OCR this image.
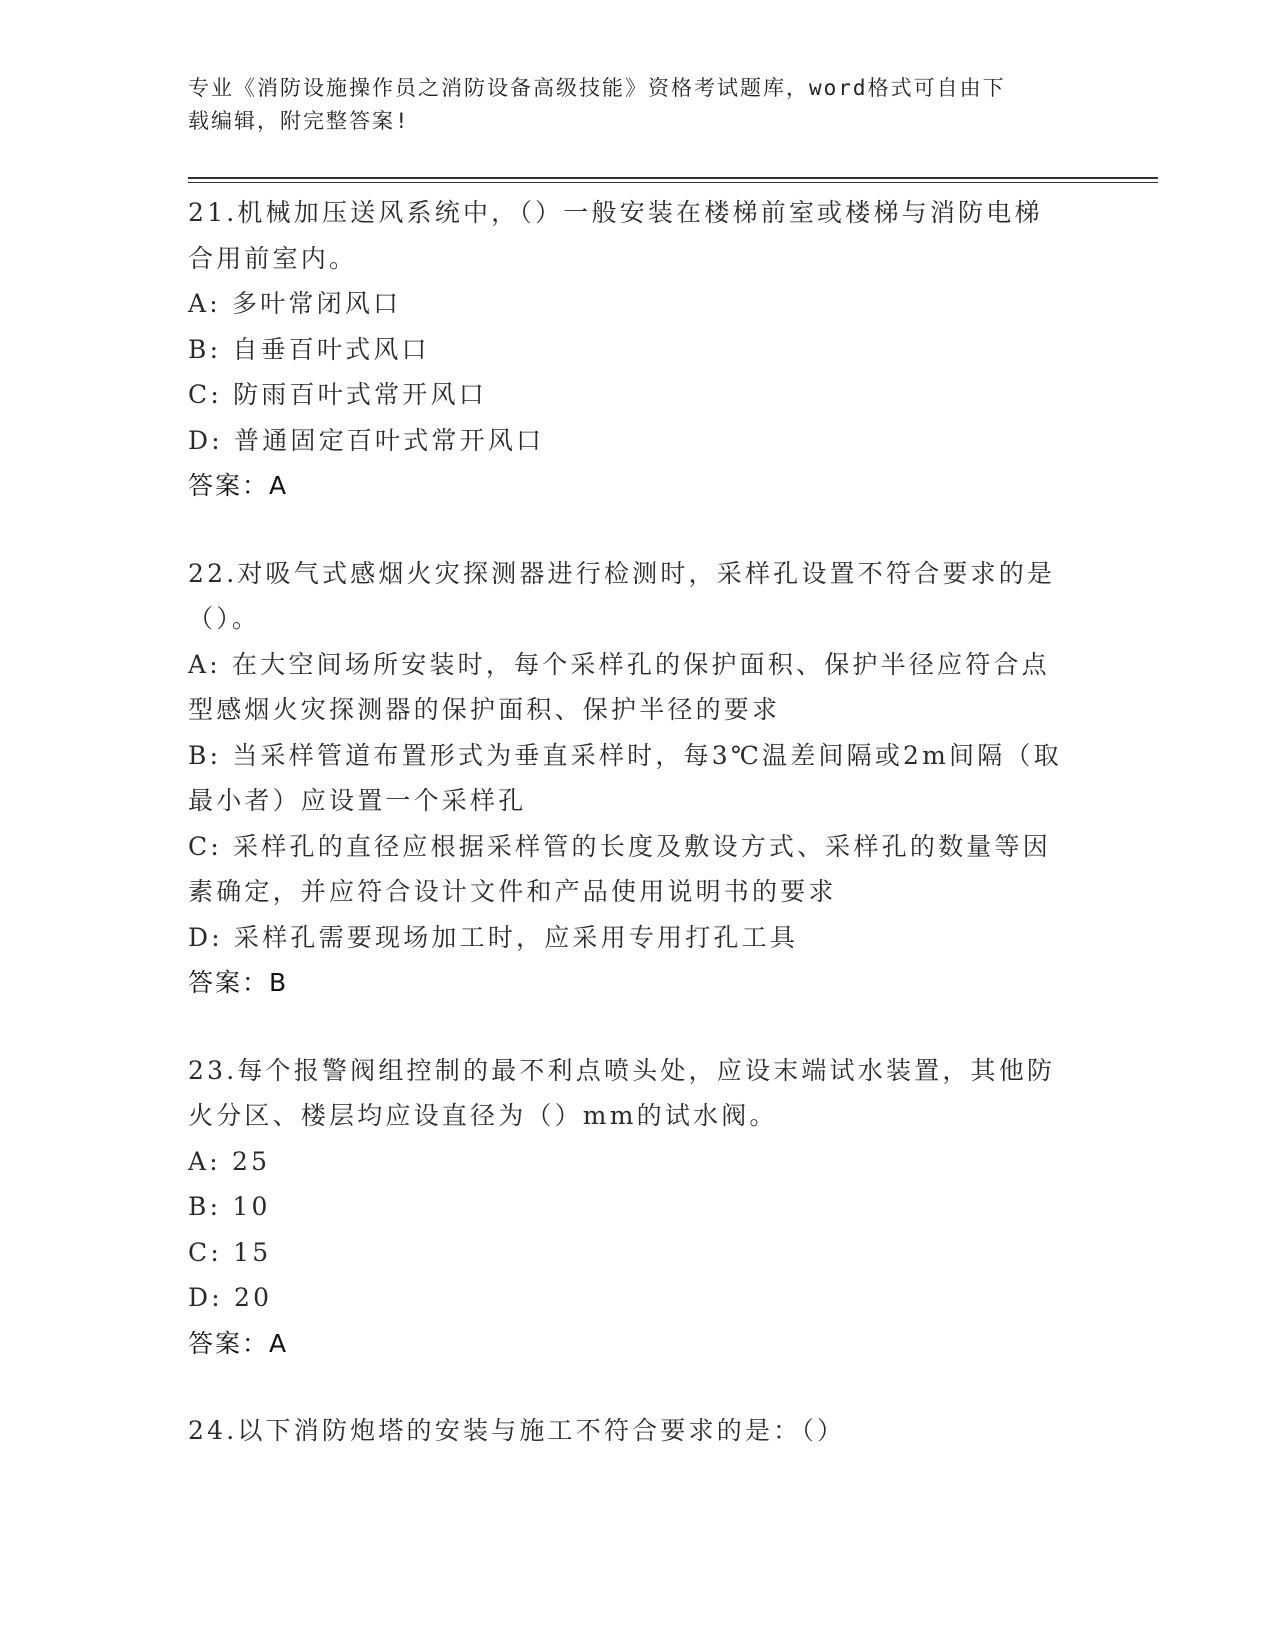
专业《消防设施操作员之消防设备高级技能》资格考试题库，word格式可自由下
载编辑，附完整答案!
21.机械加压送风系统中，（）一般安装在楼梯前室或楼梯与消防电梯
合用前室内。
A: 多叶常闭风口
B: 自垂百叶式风口
C: 防雨百叶式常开风口
D: 普通固定百叶式常开风口
答案：A
22.对吸气式感烟火灾探测器进行检测时，采样孔设置不符合要求的是
（）。
A: 在大空间场所安装时，每个采样孔的保护面积、保护半径应符合点
型感烟火灾探测器的保护面积、保护半径的要求
B: 当采样管道布置形式为垂直采样时，每3℃温差间隔或2m间隔（取
最小者）应设置一个采样孔
C: 采样孔的直径应根据采样管的长度及敷设方式、采样孔的数量等因
素确定，并应符合设计文件和产品使用说明书的要求
D: 采样孔需要现场加工时，应采用专用打孔工具
答案：B
23.每个报警阀组控制的最不利点喷头处，应设末端试水装置，其他防
火分区、楼层均应设直径为（）mm的试水阀。
A: 25
B: 10
C: 15
D: 20
答案：A
24.以下消防炮塔的安装与施工不符合要求的是：（）
